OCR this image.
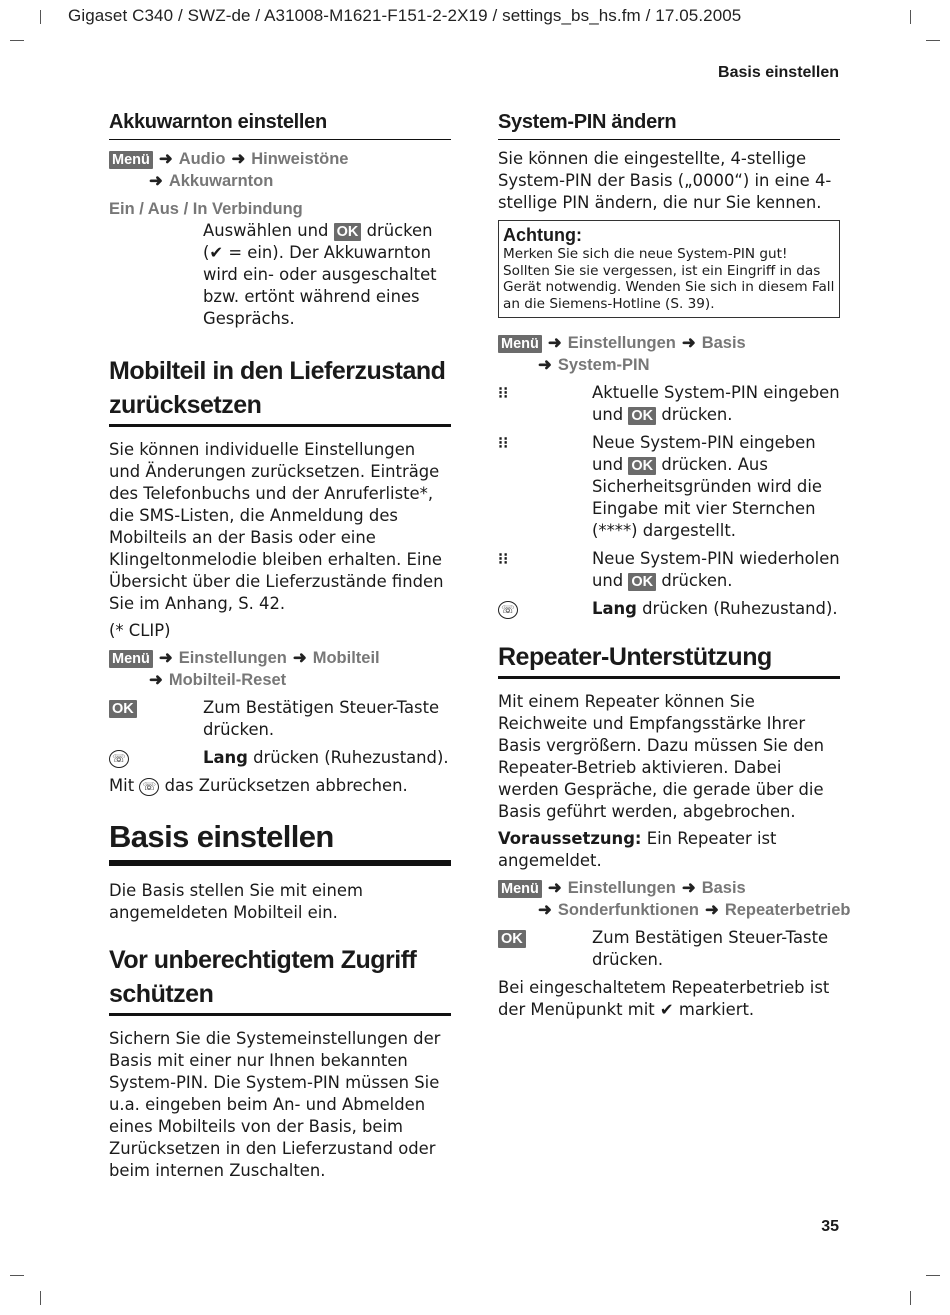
Gigaset C340 / SWZ-de / A31008-M1621-F151-2-2X19 / settings_bs_hs.fm / 17.05.2005
Basis einstellen
Akkuwarnton einstellen
Menü ➜ Audio ➜ Hinweistöne
➜ Akkuwarnton
Ein / Aus / In Verbindung
Auswählen und OK drücken (✔ = ein). Der Akkuwarnton wird ein- oder ausgeschaltet bzw. ertönt während eines Gesprächs.
Mobilteil in den Lieferzustand zurücksetzen

Sie können individuelle Einstellungen und Änderungen zurücksetzen. Einträge des Telefonbuchs und der Anruferliste*, die SMS-Listen, die Anmeldung des Mobilteils an der Basis oder eine Klingeltonmelodie bleiben erhalten. Eine Übersicht über die Lieferzustände finden Sie im Anhang, S. 42.

(* CLIP)

Menü ➜ Einstellungen ➜ Mobilteil
➜ Mobilteil-Reset
OK	Zum Bestätigen Steuer-Taste drücken.
☏	Lang drücken (Ruhezustand).

Mit ☏ das Zurücksetzen abbrechen.

Basis einstellen

Die Basis stellen Sie mit einem angemeldeten Mobilteil ein.

Vor unberechtigtem Zugriff schützen

Sichern Sie die Systemeinstellungen der Basis mit einer nur Ihnen bekannten System-PIN. Die System-PIN müssen Sie u.a. eingeben beim An- und Abmelden eines Mobilteils von der Basis, beim Zurücksetzen in den Lieferzustand oder beim internen Zuschalten.

System-PIN ändern

Sie können die eingestellte, 4-stellige System-PIN der Basis („0000“) in eine 4-stellige PIN ändern, die nur Sie kennen.

Achtung:
Merken Sie sich die neue System-PIN gut! Sollten Sie sie vergessen, ist ein Eingriff in das Gerät notwendig. Wenden Sie sich in diesem Fall an die Siemens-Hotline (S. 39).
Menü ➜ Einstellungen ➜ Basis
➜ System-PIN
⁝⁝	Aktuelle System-PIN eingeben und OK drücken.
⁝⁝	Neue System-PIN eingeben und OK drücken. Aus Sicherheitsgründen wird die Eingabe mit vier Sternchen (****) dargestellt.
⁝⁝	Neue System-PIN wiederholen und OK drücken.
☏	Lang drücken (Ruhezustand).
Repeater-Unterstützung

Mit einem Repeater können Sie Reichweite und Empfangsstärke Ihrer Basis vergrößern. Dazu müssen Sie den Repeater-Betrieb aktivieren. Dabei werden Gespräche, die gerade über die Basis geführt werden, abgebrochen.

Voraussetzung: Ein Repeater ist angemeldet.

Menü ➜ Einstellungen ➜ Basis
➜ Sonderfunktionen ➜ Repeaterbetrieb
OK	Zum Bestätigen Steuer-Taste drücken.

Bei eingeschaltetem Repeaterbetrieb ist der Menüpunkt mit ✔ markiert.

35
